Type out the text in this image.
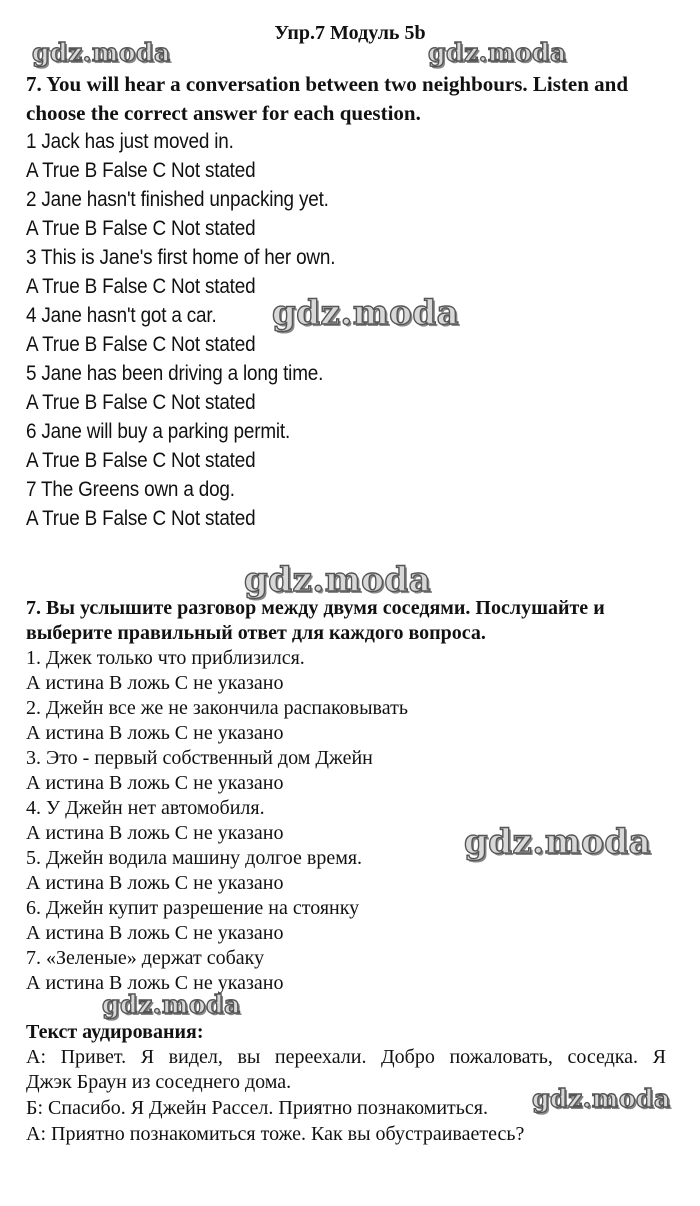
Упр.7 Модуль 5b
7. You will hear a conversation between two neighbours. Listen and
choose the correct answer for each question.
1 Jack has just moved in.
A True B False C Not stated
2 Jane hasn't finished unpacking yet.
A True B False C Not stated
3 This is Jane's first home of her own.
A True B False C Not stated
4 Jane hasn't got a car.
A True B False C Not stated
5 Jane has been driving a long time.
A True B False C Not stated
6 Jane will buy a parking permit.
A True B False C Not stated
7 The Greens own a dog.
A True B False C Not stated
7. Вы услышите разговор между двумя соседями. Послушайте и
выберите правильный ответ для каждого вопроса.
1. Джек только что приблизился.
А истина В ложь С не указано
2. Джейн все же не закончила распаковывать
А истина В ложь С не указано
3. Это - первый собственный дом Джейн
А истина В ложь С не указано
4. У Джейн нет автомобиля.
А истина В ложь С не указано
5. Джейн водила машину долгое время.
А истина В ложь С не указано
6. Джейн купит разрешение на стоянку
А истина В ложь С не указано
7. «Зеленые» держат собаку
А истина В ложь С не указано
Текст аудирования:
А: Привет. Я видел, вы переехали. Добро пожаловать, соседка. Я
Джэк Браун из соседнего дома.
Б: Спасибо. Я Джейн Рассел. Приятно познакомиться.
А: Приятно познакомиться тоже. Как вы обустраиваетесь?
gdz.moda	gdz.moda
gdz.moda
gdz.moda
gdz.moda
gdz.moda
gdz.moda
